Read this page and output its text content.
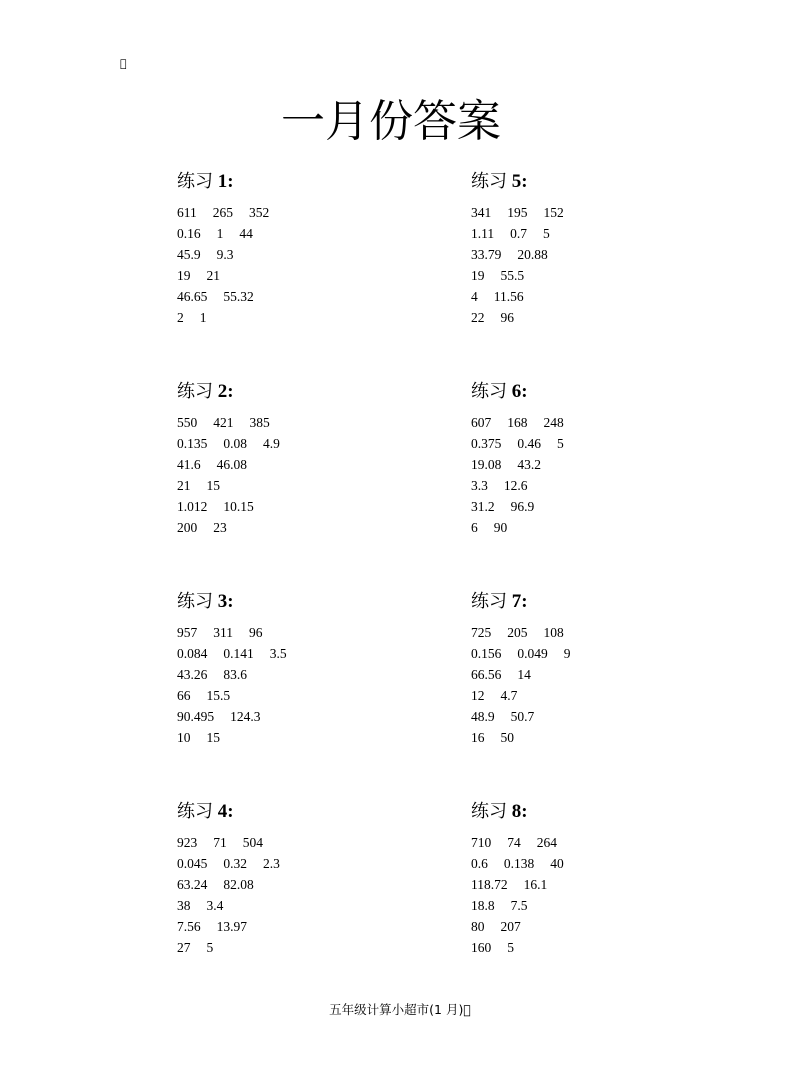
 
一月份答案
练习 1:
611 265 352
0.16 1 44
45.9 9.3
19 21
46.65 55.32
2 1
练习 5:
341 195 152
1.11 0.7 5
33.79 20.88
19 55.5
4 11.56
22 96
练习 2:
550 421 385
0.135 0.08 4.9
41.6 46.08
21 15
1.012 10.15
200 23
练习 6:
607 168 248
0.375 0.46 5
19.08 43.2
3.3 12.6
31.2 96.9
6 90
练习 3:
957 311 96
0.084 0.141 3.5
43.26 83.6
66 15.5
90.495 124.3
10 15
练习 7:
725 205 108
0.156 0.049 9
66.56 14
12 4.7
48.9 50.7
16 50
练习 4:
923 71 504
0.045 0.32 2.3
63.24 82.08
38 3.4
7.56 13.97
27 5
练习 8:
710 74 264
0.6 0.138 40
118.72 16.1
18.8 7.5
80 207
160 5
五年级计算小超市(1 月) 
